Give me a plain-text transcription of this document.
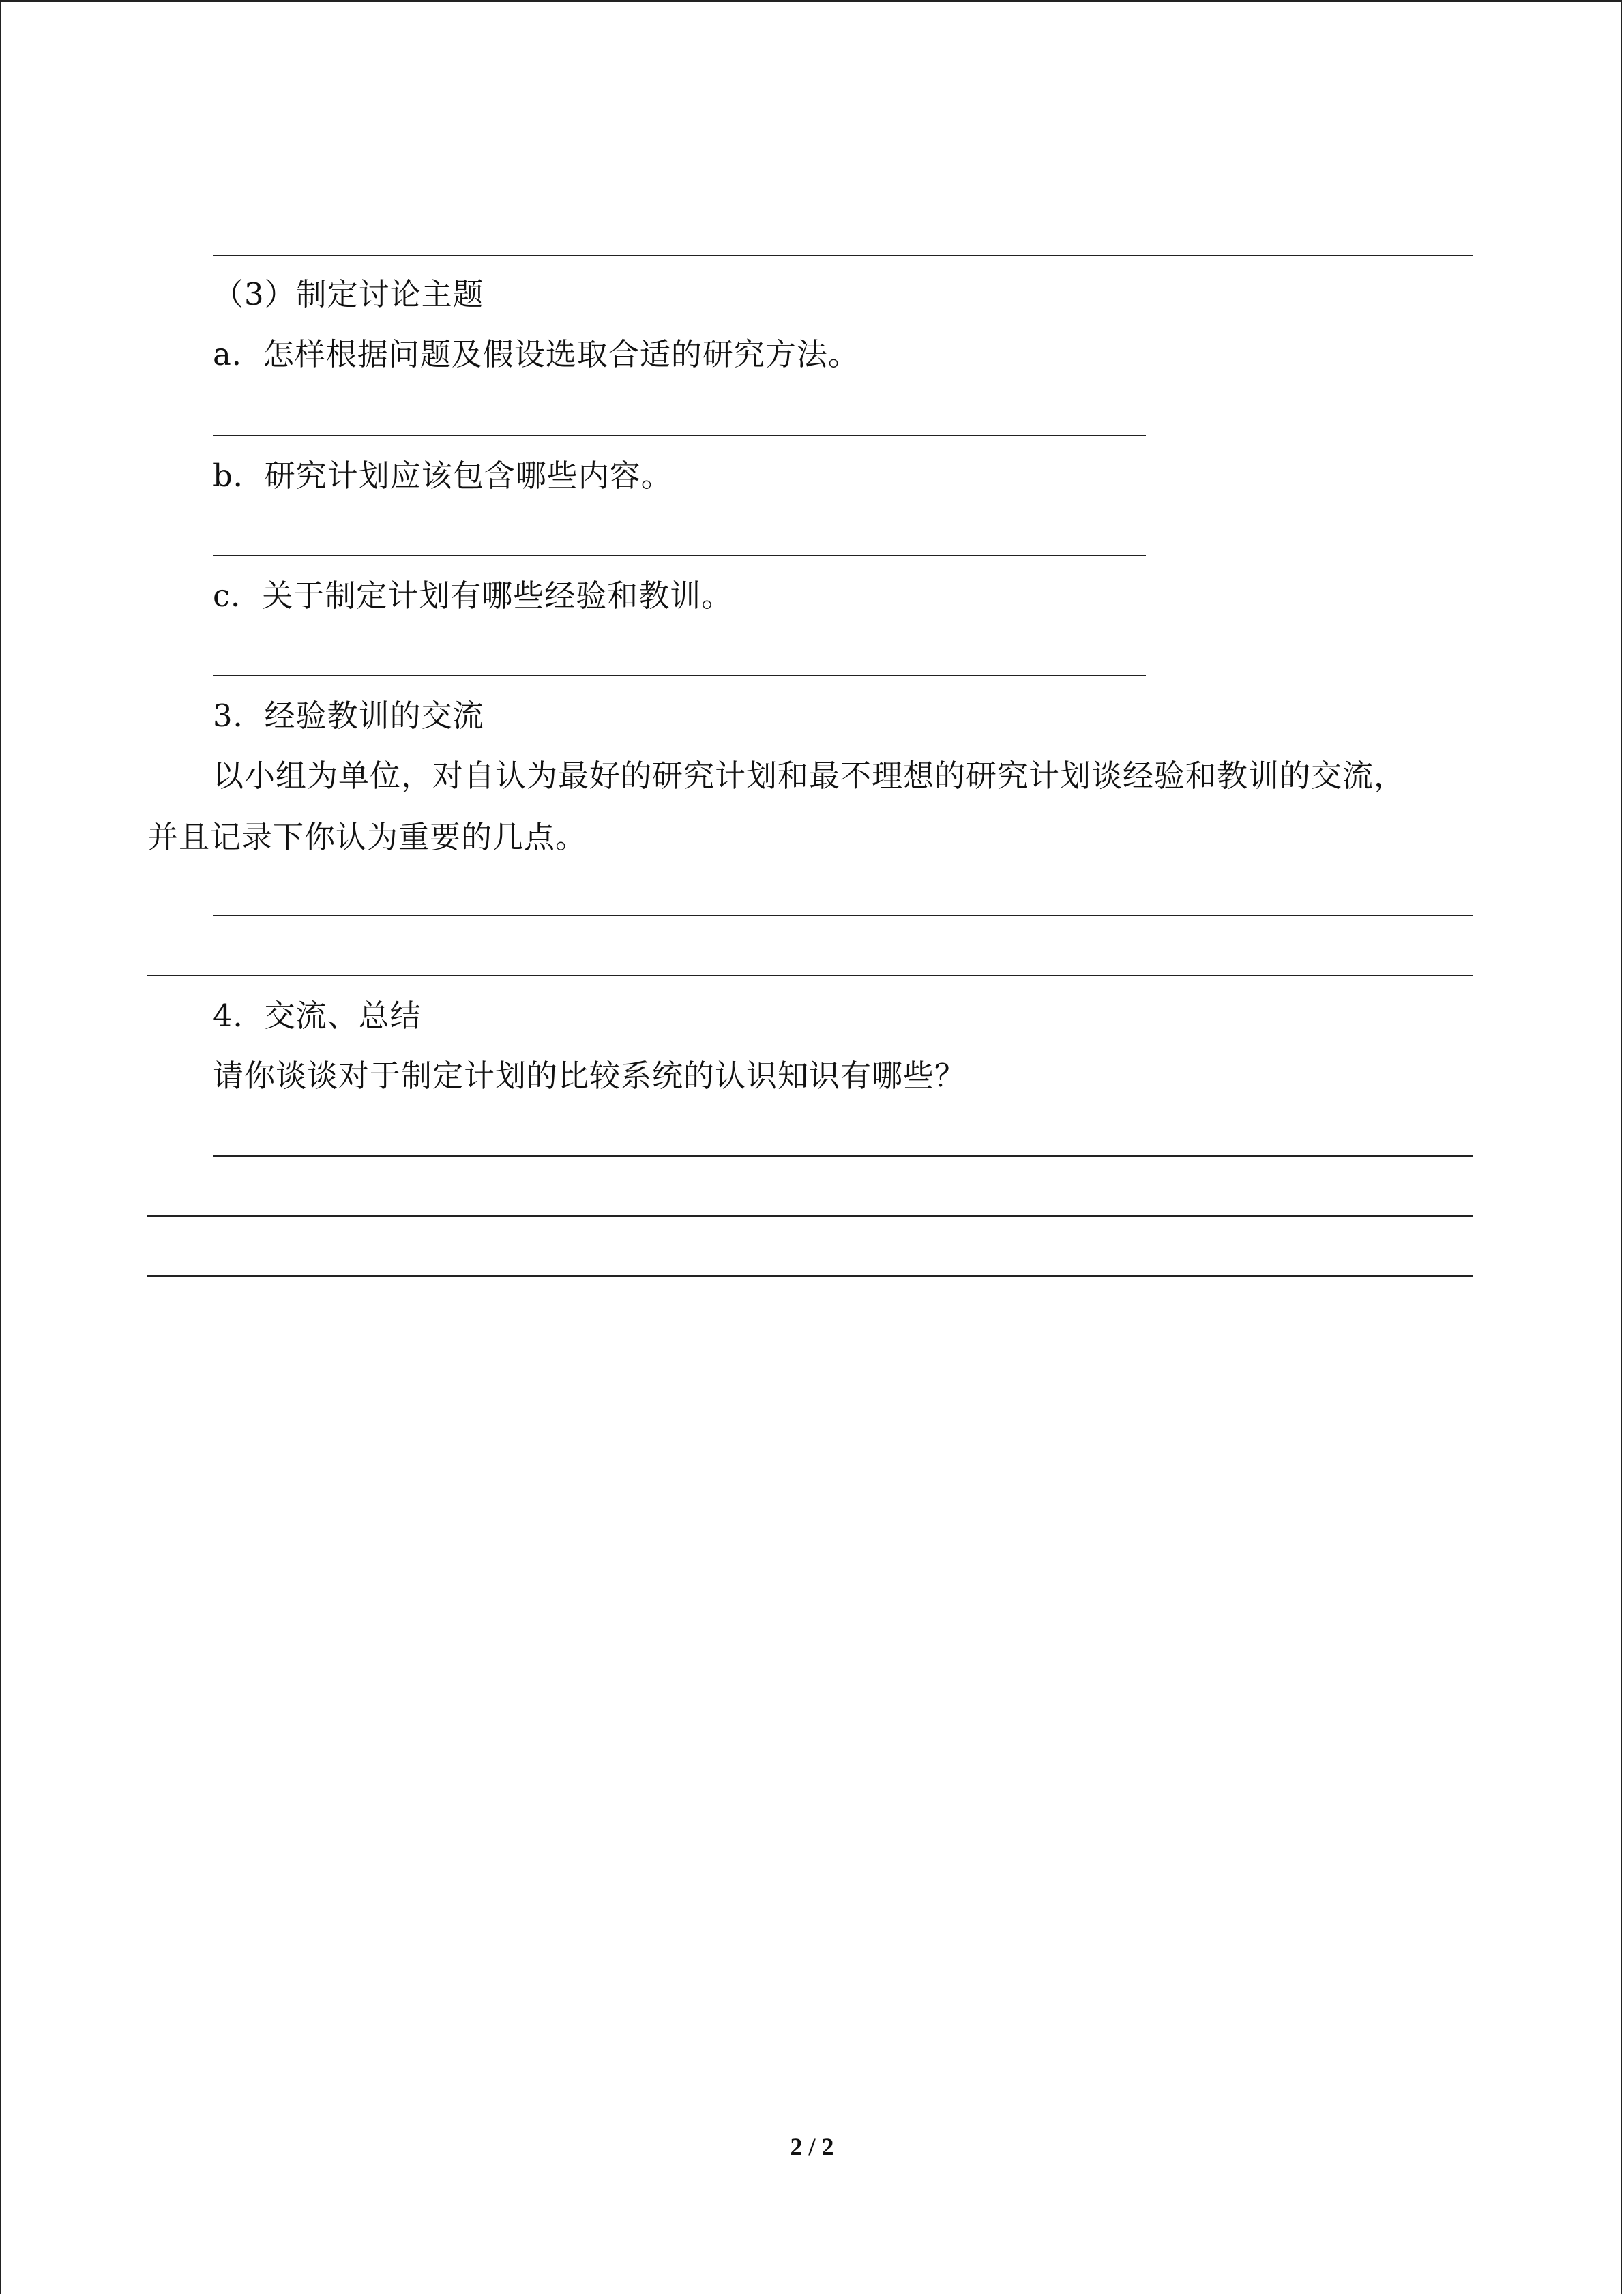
（3）制定讨论主题
a．怎样根据问题及假设选取合适的研究方法。
b．研究计划应该包含哪些内容。
c．关于制定计划有哪些经验和教训。
3．经验教训的交流
以小组为单位，对自认为最好的研究计划和最不理想的研究计划谈经验和教训的交流，
并且记录下你认为重要的几点。
4．交流、总结
请你谈谈对于制定计划的比较系统的认识知识有哪些？
2 / 2
